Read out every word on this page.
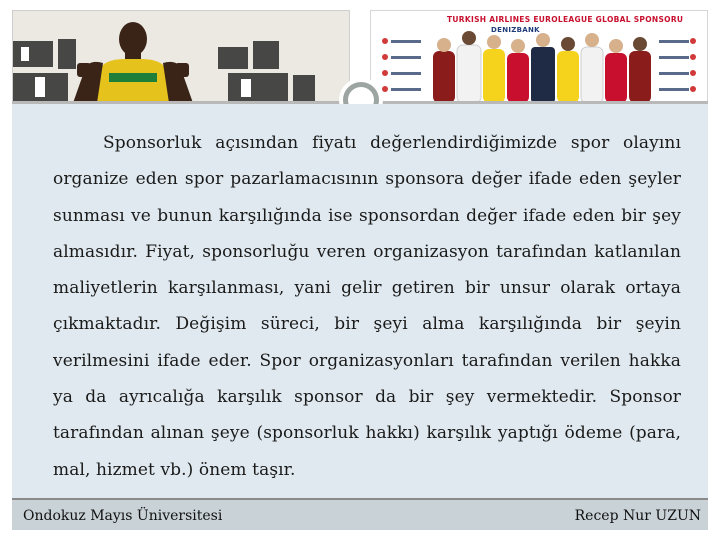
TURKISH AIRLINES EUROLEAGUE GLOBAL SPONSORU
DENIZBANK

Sponsorluk açısından fiyatı değerlendirdiğimizde spor olayını organize eden spor pazarlamacısının sponsora değer ifade eden şeyler sunması ve bunun karşılığında ise sponsordan değer ifade eden bir şey almasıdır. Fiyat, sponsorluğu veren organizasyon tarafından katlanılan maliyetlerin karşılanması, yani gelir getiren bir unsur olarak ortaya çıkmaktadır. Değişim süreci, bir şeyi alma karşılığında bir şeyin verilmesini ifade eder. Spor organizasyonları tarafından verilen hakka ya da ayrıcalığa karşılık sponsor da bir şey vermektedir. Sponsor tarafından alınan şeye (sponsorluk hakkı) karşılık yaptığı ödeme (para, mal, hizmet vb.) önem taşır.

Ondokuz Mayıs Üniversitesi	Recep Nur UZUN
